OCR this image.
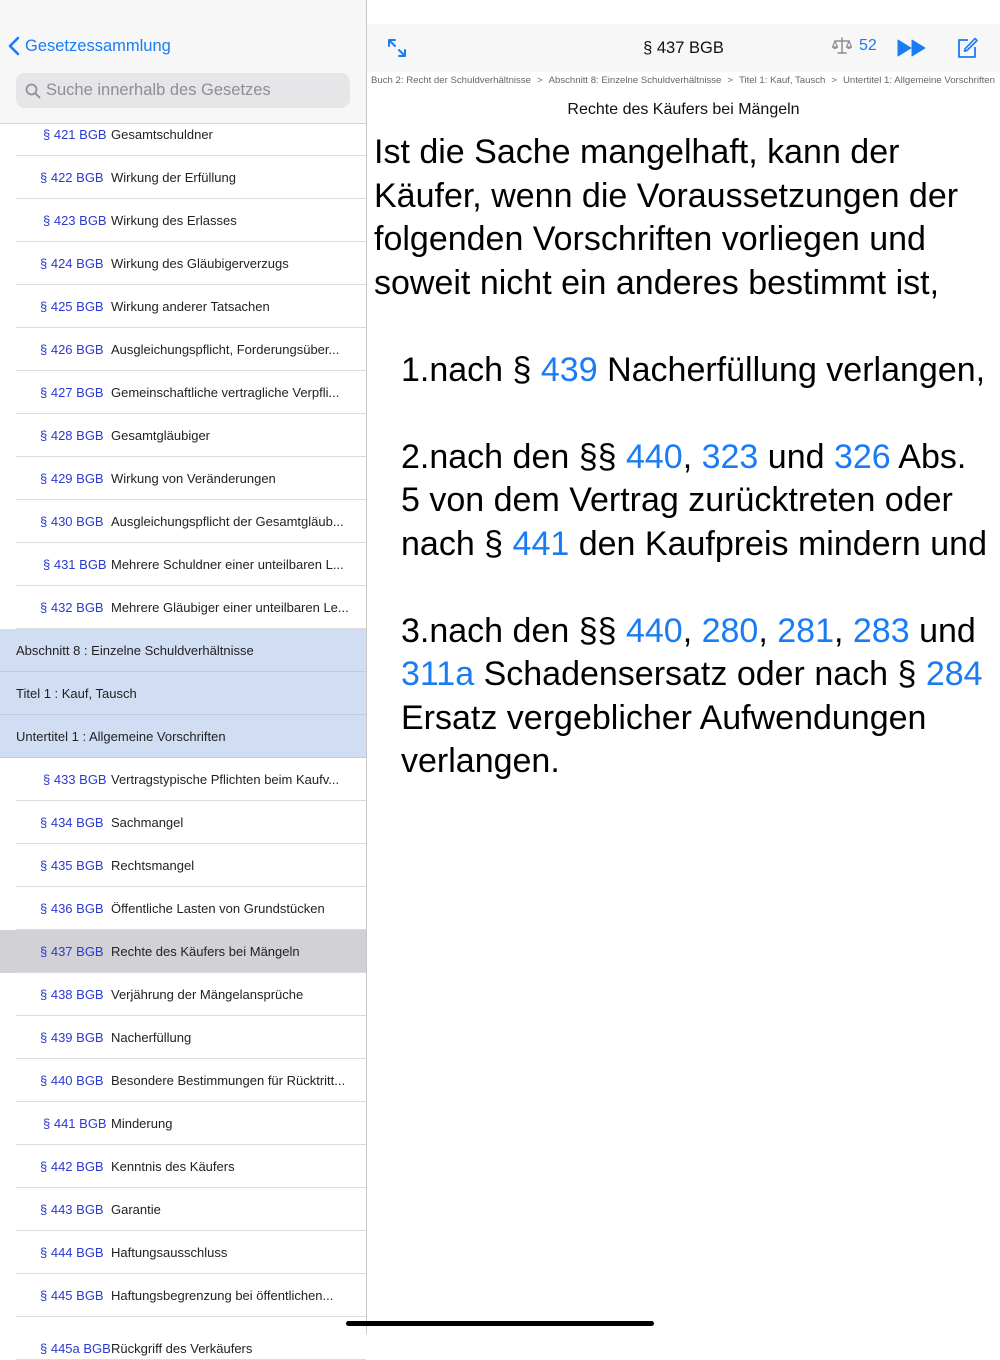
§ 421 BGB Gesamtschuldner
§ 422 BGB Wirkung der Erfüllung
§ 423 BGB Wirkung des Erlasses
§ 424 BGB Wirkung des Gläubigerverzugs
§ 425 BGB Wirkung anderer Tatsachen
§ 426 BGB Ausgleichungspflicht, Forderungsüber...
§ 427 BGB Gemeinschaftliche vertragliche Verpfli...
§ 428 BGB Gesamtgläubiger
§ 429 BGB Wirkung von Veränderungen
§ 430 BGB Ausgleichungspflicht der Gesamtgläub...
§ 431 BGB Mehrere Schuldner einer unteilbaren L...
§ 432 BGB Mehrere Gläubiger einer unteilbaren Le...
Abschnitt 8 : Einzelne Schuldverhältnisse
Titel 1 : Kauf, Tausch
Untertitel 1 : Allgemeine Vorschriften
§ 433 BGB Vertragstypische Pflichten beim Kaufv...
§ 434 BGB Sachmangel
§ 435 BGB Rechtsmangel
§ 436 BGB Öffentliche Lasten von Grundstücken
§ 437 BGB Rechte des Käufers bei Mängeln
§ 438 BGB Verjährung der Mängelansprüche
§ 439 BGB Nacherfüllung
§ 440 BGB Besondere Bestimmungen für Rücktritt...
§ 441 BGB Minderung
§ 442 BGB Kenntnis des Käufers
§ 443 BGB Garantie
§ 444 BGB Haftungsausschluss
§ 445 BGB Haftungsbegrenzung bei öffentlichen...
§ 445a BGB Rückgriff des Verkäufers
Gesetzessammlung
Suche innerhalb des Gesetzes	§ 437 BGB	52
Buch 2: Recht der Schuldverhältnisse > Abschnitt 8: Einzelne Schuldverhältnisse > Titel 1: Kauf, Tausch > Untertitel 1: Allgemeine Vorschriften
Rechte des Käufers bei Mängeln

Ist die Sache mangelhaft, kann der Käufer, wenn die Voraussetzungen der folgenden Vorschriften vorliegen und soweit nicht ein anderes bestimmt ist,

1.nach § 439 Nacherfüllung verlangen,

2.nach den §§ 440, 323 und 326 Abs. 5 von dem Vertrag zurücktreten oder nach § 441 den Kaufpreis mindern und

3.nach den §§ 440, 280, 281, 283 und 311a Schadensersatz oder nach § 284 Ersatz vergeblicher Aufwendungen verlangen.
